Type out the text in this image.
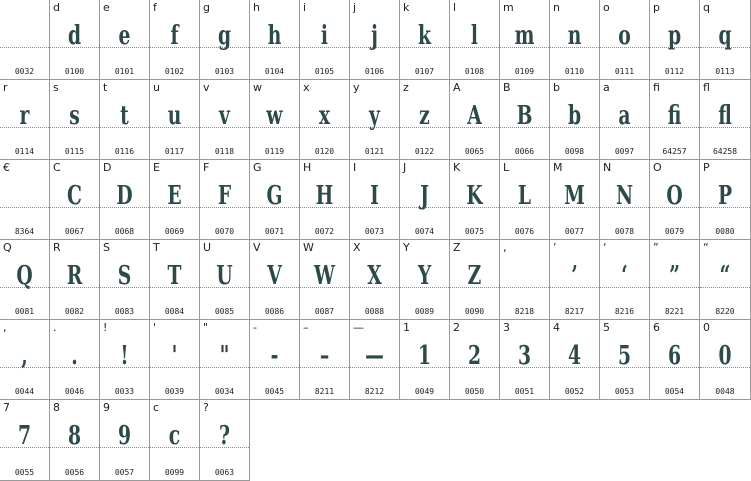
0032
d
d
0100
e
e
0101
f
f
0102
g
g
0103
h
h
0104
i
i
0105
j
j
0106
k
k
0107
l
l
0108
m
m
0109
n
n
0110
o
o
0111
p
p
0112
q
q
0113
r
r
0114
s
s
0115
t
t
0116
u
u
0117
v
v
0118
w
w
0119
x
x
0120
y
y
0121
z
z
0122
A
A
0065
B
B
0066
b
b
0098
a
a
0097
fi
fi
64257
fl
fl
64258
€
8364
C
C
0067
D
D
0068
E
E
0069
F
F
0070
G
G
0071
H
H
0072
I
I
0073
J
J
0074
K
K
0075
L
L
0076
M
M
0077
N
N
0078
O
O
0079
P
P
0080
Q
Q
0081
R
R
0082
S
S
0083
T
T
0084
U
U
0085
V
V
0086
W
W
0087
X
X
0088
Y
Y
0089
Z
Z
0090
‚
8218
’
’
8217
‘
‘
8216
”
”
8221
“
“
8220
,
,
0044
.
.
0046
!
!
0033
'
'
0039
"
"
0034
-
-
0045
–
–
8211
—
—
8212
1
1
0049
2
2
0050
3
3
0051
4
4
0052
5
5
0053
6
6
0054
0
0
0048
7
7
0055
8
8
0056
9
9
0057
c
c
0099
?
?
0063
